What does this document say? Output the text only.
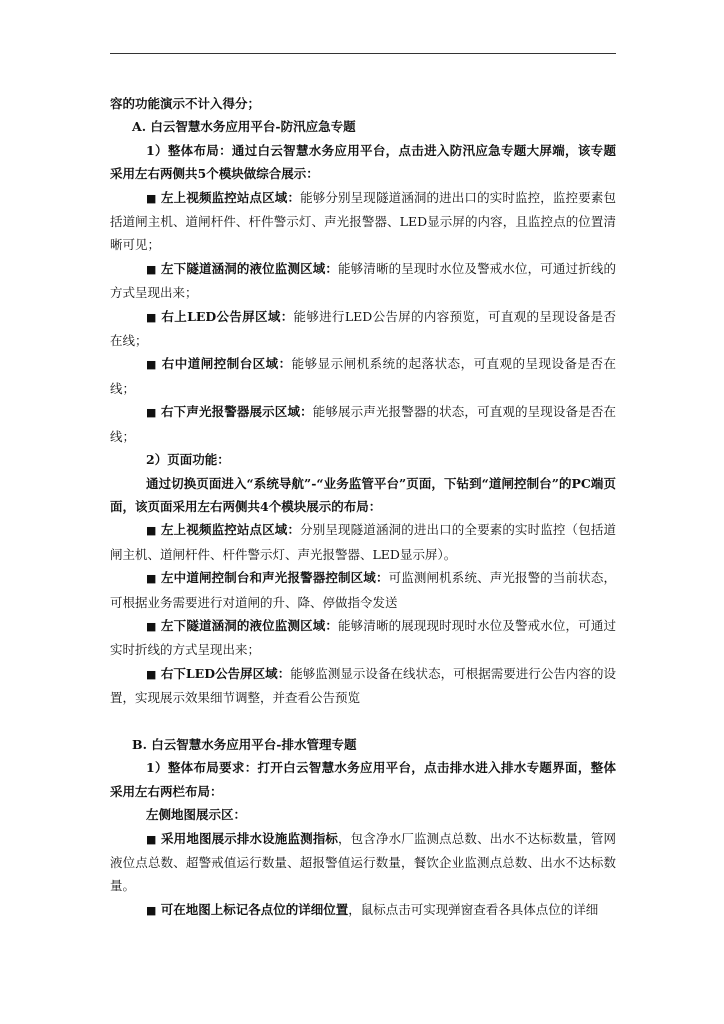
容的功能演示不计入得分；

A. 白云智慧水务应用平台-防汛应急专题

1）整体布局：通过白云智慧水务应用平台，点击进入防汛应急专题大屏端，该专题采用左右两侧共5个模块做综合展示：

■ 左上视频监控站点区域：能够分别呈现隧道涵洞的进出口的实时监控，监控要素包括道闸主机、道闸杆件、杆件警示灯、声光报警器、LED显示屏的内容，且监控点的位置清晰可见；

■ 左下隧道涵洞的液位监测区域：能够清晰的呈现时水位及警戒水位，可通过折线的方式呈现出来；

■ 右上LED公告屏区域：能够进行LED公告屏的内容预览，可直观的呈现设备是否在线；

■ 右中道闸控制台区域：能够显示闸机系统的起落状态，可直观的呈现设备是否在线；

■ 右下声光报警器展示区域：能够展示声光报警器的状态，可直观的呈现设备是否在线；

2）页面功能：

通过切换页面进入“系统导航”-“业务监管平台”页面，下钻到“道闸控制台”的PC端页面，该页面采用左右两侧共4个模块展示的布局：

■ 左上视频监控站点区域：分别呈现隧道涵洞的进出口的全要素的实时监控（包括道闸主机、道闸杆件、杆件警示灯、声光报警器、LED显示屏）。

■ 左中道闸控制台和声光报警器控制区域：可监测闸机系统、声光报警的当前状态，可根据业务需要进行对道闸的升、降、停做指令发送

■ 左下隧道涵洞的液位监测区域：能够清晰的展现现时现时水位及警戒水位，可通过实时折线的方式呈现出来；

■ 右下LED公告屏区域：能够监测显示设备在线状态，可根据需要进行公告内容的设置，实现展示效果细节调整，并查看公告预览

B. 白云智慧水务应用平台-排水管理专题

1）整体布局要求：打开白云智慧水务应用平台，点击排水进入排水专题界面，整体采用左右两栏布局：

左侧地图展示区：

■ 采用地图展示排水设施监测指标，包含净水厂监测点总数、出水不达标数量，管网液位点总数、超警戒值运行数量、超报警值运行数量，餐饮企业监测点总数、出水不达标数量。

■ 可在地图上标记各点位的详细位置，鼠标点击可实现弹窗查看各具体点位的详细
